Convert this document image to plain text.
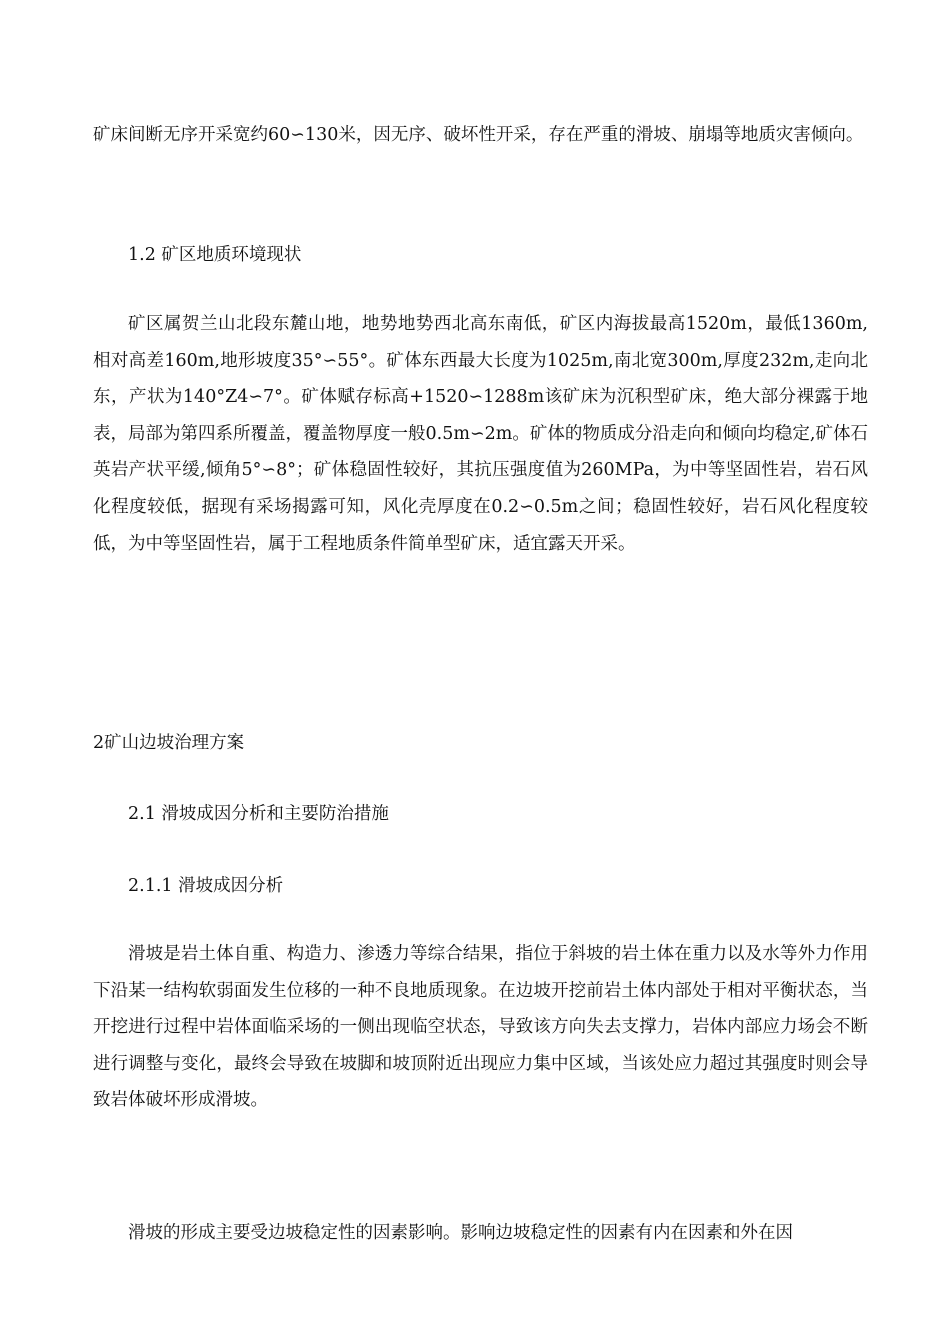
矿床间断无序开采宽约60∽130米，因无序、破坏性开采，存在严重的滑坡、崩塌等地质灾害倾向。

1.2 矿区地质环境现状

矿区属贺兰山北段东麓山地，地势地势西北高东南低，矿区内海拔最高1520m，最低1360m,相对高差160m,地形坡度35°∽55°。矿体东西最大长度为1025m,南北宽300m,厚度232m,走向北东，产状为140°Z4∽7°。矿体赋存标高+1520∽1288m该矿床为沉积型矿床，绝大部分裸露于地表，局部为第四系所覆盖，覆盖物厚度一般0.5m∽2m。矿体的物质成分沿走向和倾向均稳定,矿体石英岩产状平缓,倾角5°∽8°；矿体稳固性较好，其抗压强度值为260MPa，为中等坚固性岩，岩石风化程度较低，据现有采场揭露可知，风化壳厚度在0.2∽0.5m之间；稳固性较好，岩石风化程度较低，为中等坚固性岩，属于工程地质条件简单型矿床，适宜露天开采。

2矿山边坡治理方案

2.1 滑坡成因分析和主要防治措施

2.1.1 滑坡成因分析

滑坡是岩土体自重、构造力、渗透力等综合结果，指位于斜坡的岩土体在重力以及水等外力作用下沿某一结构软弱面发生位移的一种不良地质现象。在边坡开挖前岩土体内部处于相对平衡状态，当开挖进行过程中岩体面临采场的一侧出现临空状态，导致该方向失去支撑力，岩体内部应力场会不断进行调整与变化，最终会导致在坡脚和坡顶附近出现应力集中区域，当该处应力超过其强度时则会导致岩体破坏形成滑坡。

滑坡的形成主要受边坡稳定性的因素影响。影响边坡稳定性的因素有内在因素和外在因
